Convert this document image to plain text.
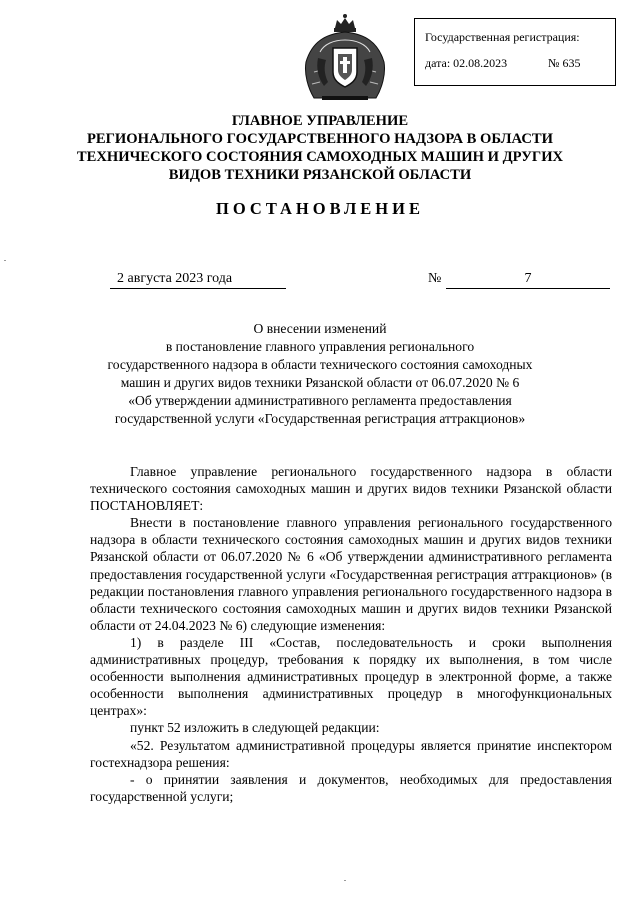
Государственная регистрация:
дата: 02.08.2023	№ 635
ГЛАВНОЕ УПРАВЛЕНИЕ
РЕГИОНАЛЬНОГО ГОСУДАРСТВЕННОГО НАДЗОРА В ОБЛАСТИ
ТЕХНИЧЕСКОГО СОСТОЯНИЯ САМОХОДНЫХ МАШИН И ДРУГИХ
ВИДОВ ТЕХНИКИ РЯЗАНСКОЙ ОБЛАСТИ
ПОСТАНОВЛЕНИЕ
2 августа 2023 года	№	7
О внесении изменений
в постановление главного управления регионального
государственного надзора в области технического состояния самоходных
машин и других видов техники Рязанской области от 06.07.2020 № 6
«Об утверждении административного регламента предоставления
государственной услуги «Государственная регистрация аттракционов»

Главное управление регионального государственного надзора в области технического состояния самоходных машин и других видов техники Рязанской области ПОСТАНОВЛЯЕТ:

Внести в постановление главного управления регионального государственного надзора в области технического состояния самоходных машин и других видов техники Рязанской области от 06.07.2020 № 6 «Об утверждении административного регламента предоставления государственной услуги «Государственная регистрация аттракционов» (в редакции постановления главного управления регионального государственного надзора в области технического состояния самоходных машин и других видов техники Рязанской области от 24.04.2023 № 6) следующие изменения:

1) в разделе III «Состав, последовательность и сроки выполнения административных процедур, требования к порядку их выполнения, в том числе особенности выполнения административных процедур в электронной форме, а также особенности выполнения административных процедур в многофункциональных центрах»:

пункт 52 изложить в следующей редакции:

«52. Результатом административной процедуры является принятие инспектором гостехнадзора решения:

- о принятии заявления и документов, необходимых для предоставления государственной услуги;
